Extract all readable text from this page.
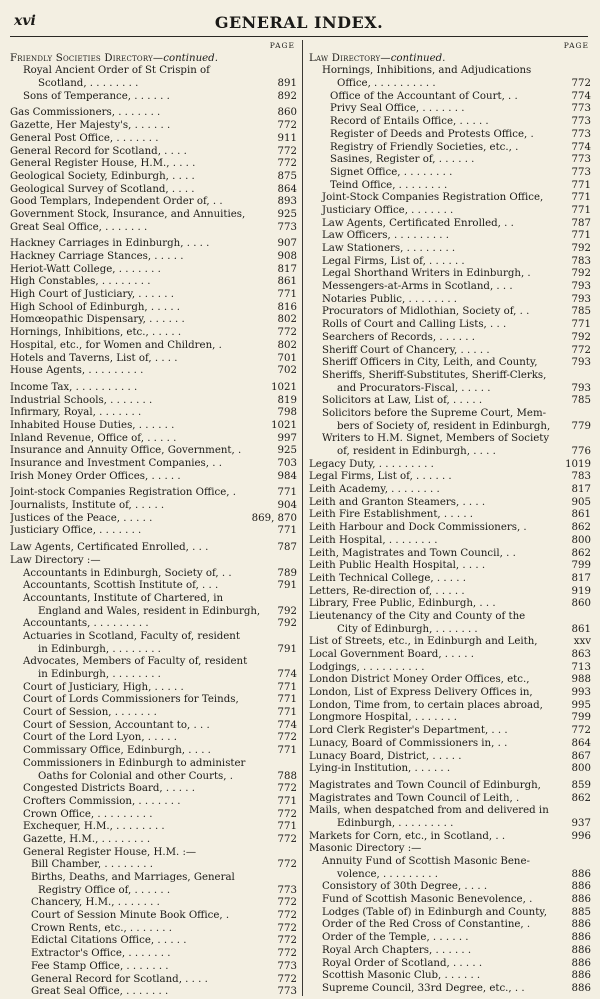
xvi	GENERAL INDEX.
PAGE
Friendly Societies Directory—continued.
Royal Ancient Order of St Crispin of
Scotland, . . . . . . . .	891
Sons of Temperance, . . . . . .	892
Gas Commissioners, . . . . . . .	860
Gazette, Her Majesty's, . . . . . .	772
General Post Office, . . . . . . .	911
General Record for Scotland, . . . .	772
General Register House, H.M., . . . .	772
Geological Society, Edinburgh, . . . .	875
Geological Survey of Scotland, . . . .	864
Good Templars, Independent Order of, . .	893
Government Stock, Insurance, and Annuities,	925
Great Seal Office, . . . . . . .	773
Hackney Carriages in Edinburgh, . . . .	907
Hackney Carriage Stances, . . . . .	908
Heriot-Watt College, . . . . . . .	817
High Constables, . . . . . . . .	861
High Court of Justiciary, . . . . . .	771
High School of Edinburgh, . . . . .	816
Homœopathic Dispensary, . . . . . .	802
Hornings, Inhibitions, etc., . . . . .	772
Hospital, etc., for Women and Children, .	802
Hotels and Taverns, List of, . . . .	701
House Agents, . . . . . . . . .	702
Income Tax, . . . . . . . . . .	1021
Industrial Schools, . . . . . . .	819
Infirmary, Royal, . . . . . . .	798
Inhabited House Duties, . . . . . .	1021
Inland Revenue, Office of, . . . . .	997
Insurance and Annuity Office, Government, .	925
Insurance and Investment Companies, . .	703
Irish Money Order Offices, . . . . .	984
Joint-stock Companies Registration Office, .	771
Journalists, Institute of, . . . . .	904
Justices of the Peace, . . . . .	869, 870
Justiciary Office, . . . . . . .	771
Law Agents, Certificated Enrolled, . . .	787
Law Directory :—
Accountants in Edinburgh, Society of, . .	789
Accountants, Scottish Institute of, . . .	791
Accountants, Institute of Chartered, in
England and Wales, resident in Edinburgh, 792
Accountants, . . . . . . . . .	792
Actuaries in Scotland, Faculty of, resident
in Edinburgh, . . . . . . . .	791
Advocates, Members of Faculty of, resident
in Edinburgh, . . . . . . . .	774
Court of Justiciary, High, . . . . .	771
Court of Lords Commissioners for Teinds,	771
Court of Session, . . . . . . .	771
Court of Session, Accountant to, . . .	774
Court of the Lord Lyon, . . . . .	772
Commissary Office, Edinburgh, . . . .	771
Commissioners in Edinburgh to administer
Oaths for Colonial and other Courts, .	788
Congested Districts Board, . . . . .	772
Crofters Commission, . . . . . . .	771
Crown Office, . . . . . . . . .	772
Exchequer, H.M., . . . . . . . .	771
Gazette, H.M., . . . . . . . .	772
General Register House, H.M. :—
Bill Chamber, . . . . . . . .	772
Births, Deaths, and Marriages, General
Registry Office of, . . . . . .	773
Chancery, H.M., . . . . . . .	772
Court of Session Minute Book Office, .	772
Crown Rents, etc., . . . . . . .	772
Edictal Citations Office, . . . . .	772
Extractor's Office, . . . . . . .	772
Fee Stamp Office, . . . . . . .	773
General Record for Scotland, . . . .	772
Great Seal Office, . . . . . . .	773
PAGE
Law Directory—continued.
Hornings, Inhibitions, and Adjudications
Office, . . . . . . . . . .	772
Office of the Accountant of Court, . .	774
Privy Seal Office, . . . . . . .	773
Record of Entails Office, . . . . .	773
Register of Deeds and Protests Office, .	773
Registry of Friendly Societies, etc., .	774
Sasines, Register of, . . . . . .	773
Signet Office, . . . . . . . .	773
Teind Office, . . . . . . . .	771
Joint-Stock Companies Registration Office,	771
Justiciary Office, . . . . . . .	771
Law Agents, Certificated Enrolled, . .	787
Law Officers, . . . . . . . . .	771
Law Stationers, . . . . . . . .	792
Legal Firms, List of, . . . . . .	783
Legal Shorthand Writers in Edinburgh, .	792
Messengers-at-Arms in Scotland, . . .	793
Notaries Public, . . . . . . . .	793
Procurators of Midlothian, Society of, . .	785
Rolls of Court and Calling Lists, . . .	771
Searchers of Records, . . . . . .	792
Sheriff Court of Chancery, . . . . .	772
Sheriff Officers in City, Leith, and County,	793
Sheriffs, Sheriff-Substitutes, Sheriff-Clerks,
and Procurators-Fiscal, . . . . .	793
Solicitors at Law, List of, . . . . .	785
Solicitors before the Supreme Court, Mem-
bers of Society of, resident in Edinburgh, 779
Writers to H.M. Signet, Members of Society
of, resident in Edinburgh, . . . .	776
Legacy Duty, . . . . . . . . .	1019
Legal Firms, List of, . . . . . .	783
Leith Academy, . . . . . . . .	817
Leith and Granton Steamers, . . . .	905
Leith Fire Establishment, . . . . .	861
Leith Harbour and Dock Commissioners, .	862
Leith Hospital, . . . . . . . .	800
Leith, Magistrates and Town Council, . .	862
Leith Public Health Hospital, . . . .	799
Leith Technical College, . . . . .	817
Letters, Re-direction of, . . . . .	919
Library, Free Public, Edinburgh, . . .	860
Lieutenancy of the City and County of the
City of Edinburgh, . . . . . . .	861
List of Streets, etc., in Edinburgh and Leith,	xxv
Local Government Board, . . . . .	863
Lodgings, . . . . . . . . . .	713
London District Money Order Offices, etc.,	988
London, List of Express Delivery Offices in,	993
London, Time from, to certain places abroad,	995
Longmore Hospital, . . . . . . .	799
Lord Clerk Register's Department, . . .	772
Lunacy, Board of Commissioners in, . .	864
Lunacy Board, District, . . . . .	867
Lying-in Institution, . . . . . .	800
Magistrates and Town Council of Edinburgh,	859
Magistrates and Town Council of Leith, .	862
Mails, when despatched from and delivered in
Edinburgh, . . . . . . . . .	937
Markets for Corn, etc., in Scotland, . .	996
Masonic Directory :—
Annuity Fund of Scottish Masonic Bene-
volence, . . . . . . . . .	886
Consistory of 30th Degree, . . . .	886
Fund of Scottish Masonic Benevolence, .	886
Lodges (Table of) in Edinburgh and County, 885
Order of the Red Cross of Constantine, .	886
Order of the Temple, . . . . . .	886
Royal Arch Chapters, . . . . . .	886
Royal Order of Scotland, . . . . .	886
Scottish Masonic Club, . . . . . .	886
Supreme Council, 33rd Degree, etc., . .	886
